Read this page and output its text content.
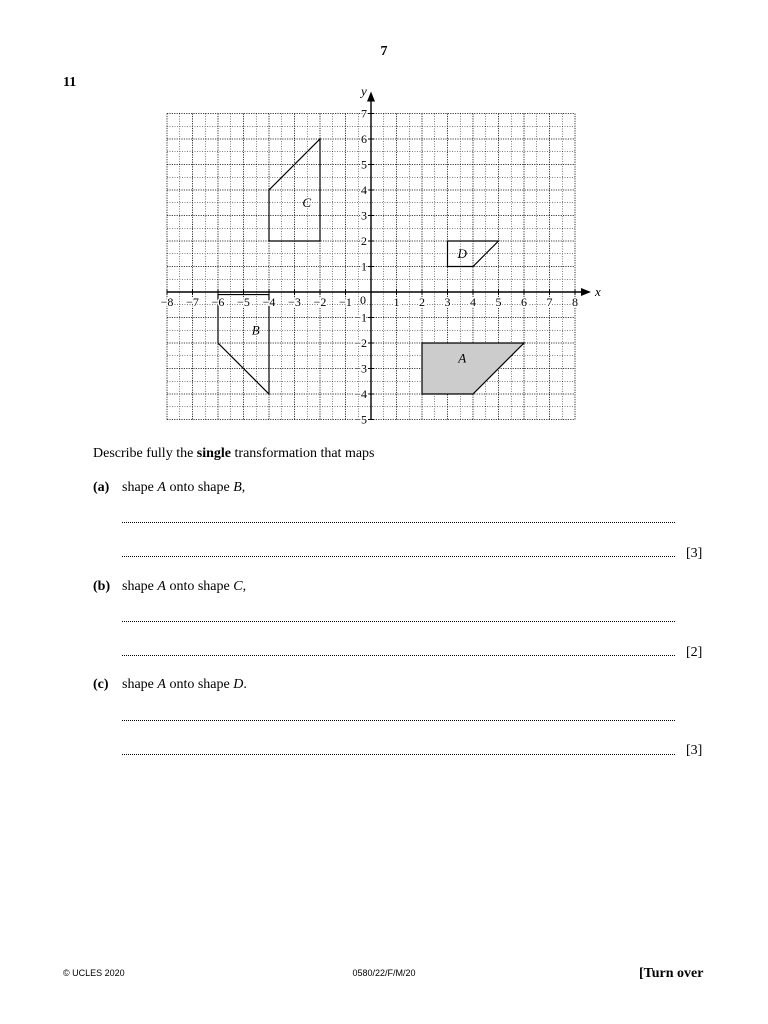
7
11
A
B
C
D
x
y
0
−8 −7 −6 −5 −4 −3 −2 −1	1 2 3 4 5 6 7 8
7
6
5
4
3
2
1
−1
−2
−3
−4
−5
Describe fully the single transformation that maps
(a) shape A onto shape B,
[3]
(b) shape A onto shape C,
[2]
(c) shape A onto shape D.
[3]
© UCLES 2020	0580/22/F/M/20	[Turn over
